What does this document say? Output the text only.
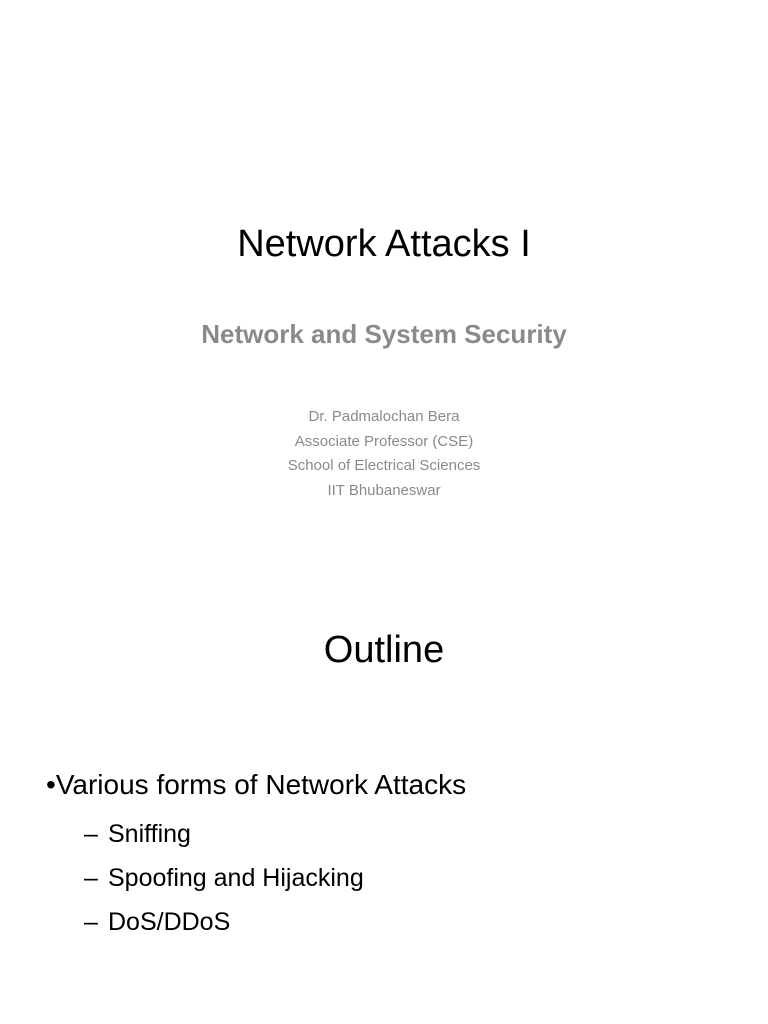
Network Attacks I
Network and System Security
Dr. Padmalochan Bera
Associate Professor (CSE)
School of Electrical Sciences
IIT Bhubaneswar
Outline
•Various forms of Network Attacks
– Sniffing
– Spoofing and Hijacking
– DoS/DDoS
